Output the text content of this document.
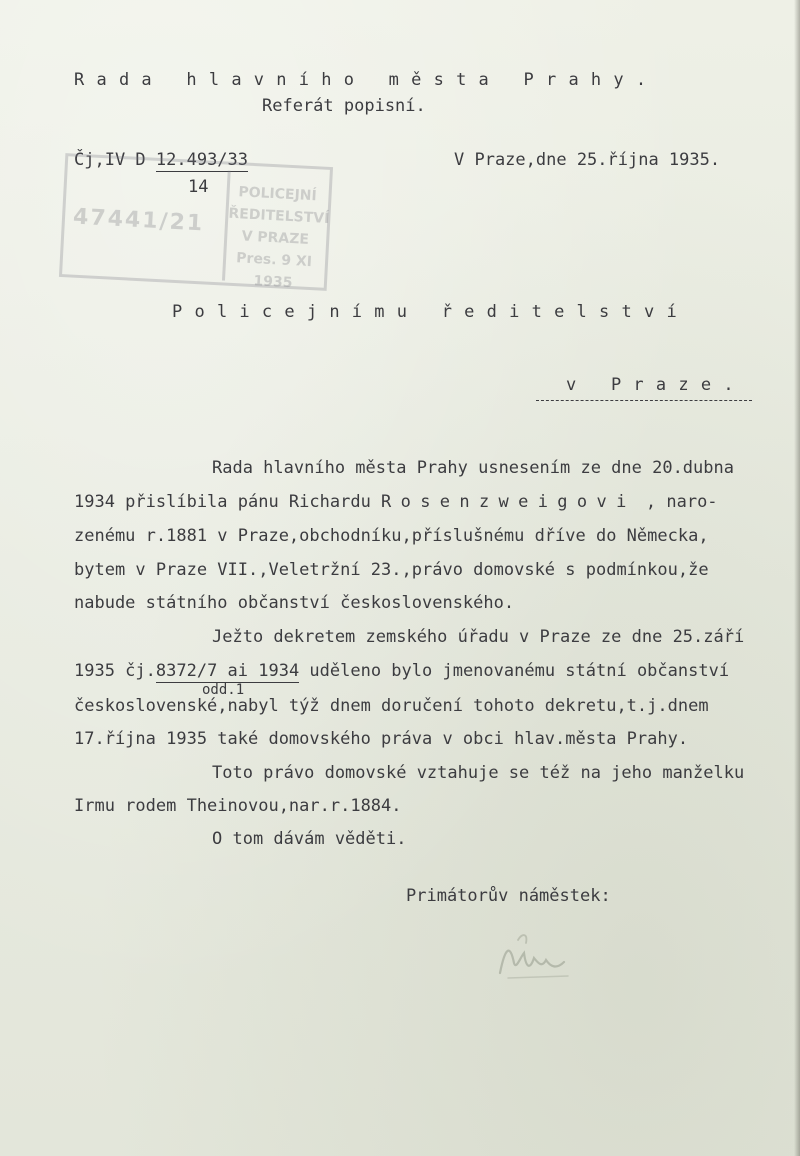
Rada hlavního města Prahy.
Referát popisní.
Čj,IV D 12.493/33
14
V Praze,dne 25.října 1935.
47441/21
POLICEJNÍ ŘEDITELSTVÍ
V PRAZE
Pres. 9 XI 1935
Policejnímu ředitelství
v Praze.
Rada hlavního města Prahy usnesením ze dne 20.dubna
1934 přislíbila pánu Richardu Rosenzweigovi , naro-
zenému r.1881 v Praze,obchodníku,příslušnému dříve do Německa,
bytem v Praze VII.,Veletržní 23.,právo domovské s podmínkou,že
nabude státního občanství československého.
Ježto dekretem zemského úřadu v Praze ze dne 25.září
1935 čj.8372/7 ai 1934 uděleno bylo jmenovanému státní občanství
odd.1
československé,nabyl týž dnem doručení tohoto dekretu,t.j.dnem
17.října 1935 také domovského práva v obci hlav.města Prahy.
Toto právo domovské vztahuje se též na jeho manželku
Irmu rodem Theinovou,nar.r.1884.
O tom dávám věděti.
Primátorův náměstek:
